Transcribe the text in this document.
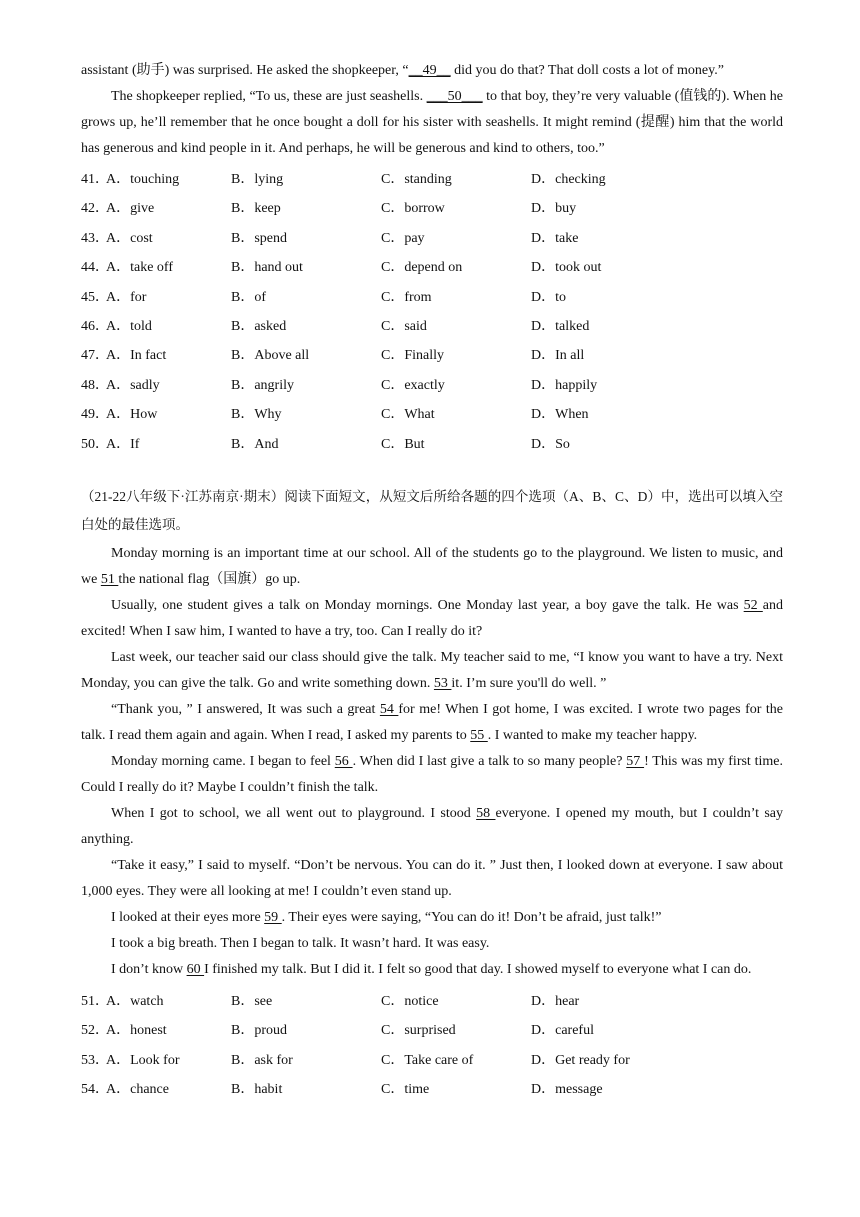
assistant (助手) was surprised. He asked the shopkeeper, “__49__ did you do that? That doll costs a lot of money.”

The shopkeeper replied, “To us, these are just seashells. ___50___ to that boy, they’re very valuable (值钱的). When he grows up, he’ll remember that he once bought a doll for his sister with seashells. It might remind (提醒) him that the world has generous and kind people in it. And perhaps, he will be generous and kind to others, too.”

41．
A．touching	B．lying	C．standing	D．checking
42．
A．give	B．keep	C．borrow	D．buy
43．
A．cost	B．spend	C．pay	D．take
44．
A．take off	B．hand out	C．depend on	D．took out
45．
A．for	B．of	C．from	D．to
46．
A．told	B．asked	C．said	D．talked
47．
A．In fact	B．Above all	C．Finally	D．In all
48．
A．sadly	B．angrily	C．exactly	D．happily
49．
A．How	B．Why	C．What	D．When
50．
A．If	B．And	C．But	D．So

（21-22八年级下·江苏南京·期末）阅读下面短文，从短文后所给各题的四个选项（A、B、C、D）中，选出可以填入空白处的最佳选项。

Monday morning is an important time at our school. All of the students go to the playground. We listen to music, and we 51 the national flag（国旗）go up.

Usually, one student gives a talk on Monday mornings. One Monday last year, a boy gave the talk. He was 52 and excited! When I saw him, I wanted to have a try, too. Can I really do it?

Last week, our teacher said our class should give the talk. My teacher said to me, “I know you want to have a try. Next Monday, you can give the talk. Go and write something down. 53 it. I’m sure you'll do well. ”

“Thank you, ” I answered, It was such a great 54 for me! When I got home, I was excited. I wrote two pages for the talk. I read them again and again. When I read, I asked my parents to 55 . I wanted to make my teacher happy.

Monday morning came. I began to feel 56 . When did I last give a talk to so many people? 57 ! This was my first time. Could I really do it? Maybe I couldn’t finish the talk.

When I got to school, we all went out to playground. I stood 58 everyone. I opened my mouth, but I couldn’t say anything.

“Take it easy,” I said to myself. “Don’t be nervous. You can do it. ” Just then, I looked down at everyone. I saw about 1,000 eyes. They were all looking at me! I couldn’t even stand up.

I looked at their eyes more 59 . Their eyes were saying, “You can do it! Don’t be afraid, just talk!”

I took a big breath. Then I began to talk. It wasn’t hard. It was easy.

I don’t know 60 I finished my talk. But I did it. I felt so good that day. I showed myself to everyone what I can do.

51．
A．watch	B．see	C．notice	D．hear
52．
A．honest	B．proud	C．surprised	D．careful
53．
A．Look for	B．ask for	C．Take care of	D．Get ready for
54．
A．chance	B．habit	C．time	D．message
